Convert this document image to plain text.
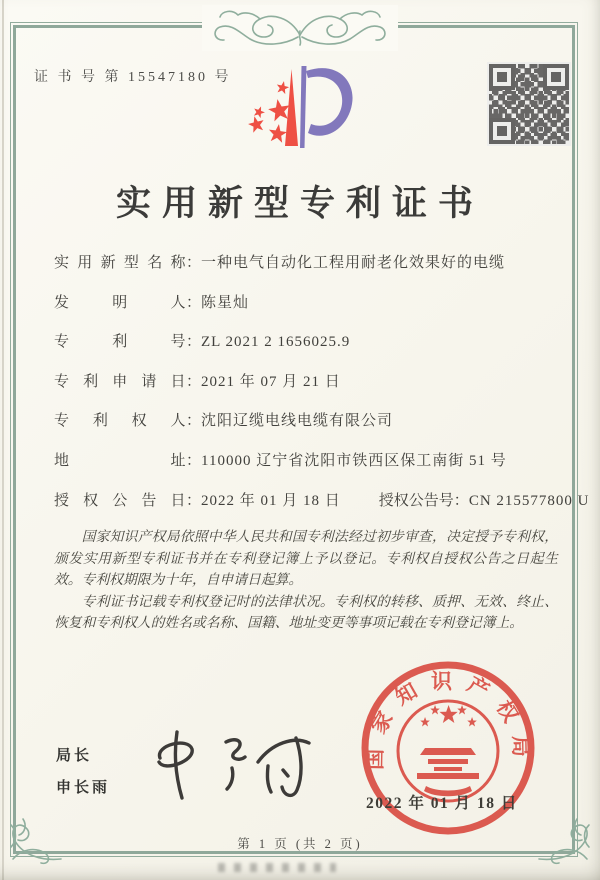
证 书 号 第 15547180 号
实用新型专利证书
实用新型名称：一种电气自动化工程用耐老化效果好的电缆
发明人：陈星灿
专利号：ZL 2021 2 1656025.9
专利申请日：2021 年 07 月 21 日
专利权人：沈阳辽缆电线电缆有限公司
地址：110000 辽宁省沈阳市铁西区保工南街 51 号
授权公告日：2022 年 01 月 18 日	授权公告号：CN 215577800 U

国家知识产权局依照中华人民共和国专利法经过初步审查，决定授予专利权，颁发实用新型专利证书并在专利登记簿上予以登记。专利权自授权公告之日起生效。专利权期限为十年，自申请日起算。

专利证书记载专利权登记时的法律状况。专利权的转移、质押、无效、终止、恢复和专利权人的姓名或名称、国籍、地址变更等事项记载在专利登记簿上。

局长
申长雨
国家知识产权局
2022 年 01 月 18 日
第 1 页 (共 2 页)
